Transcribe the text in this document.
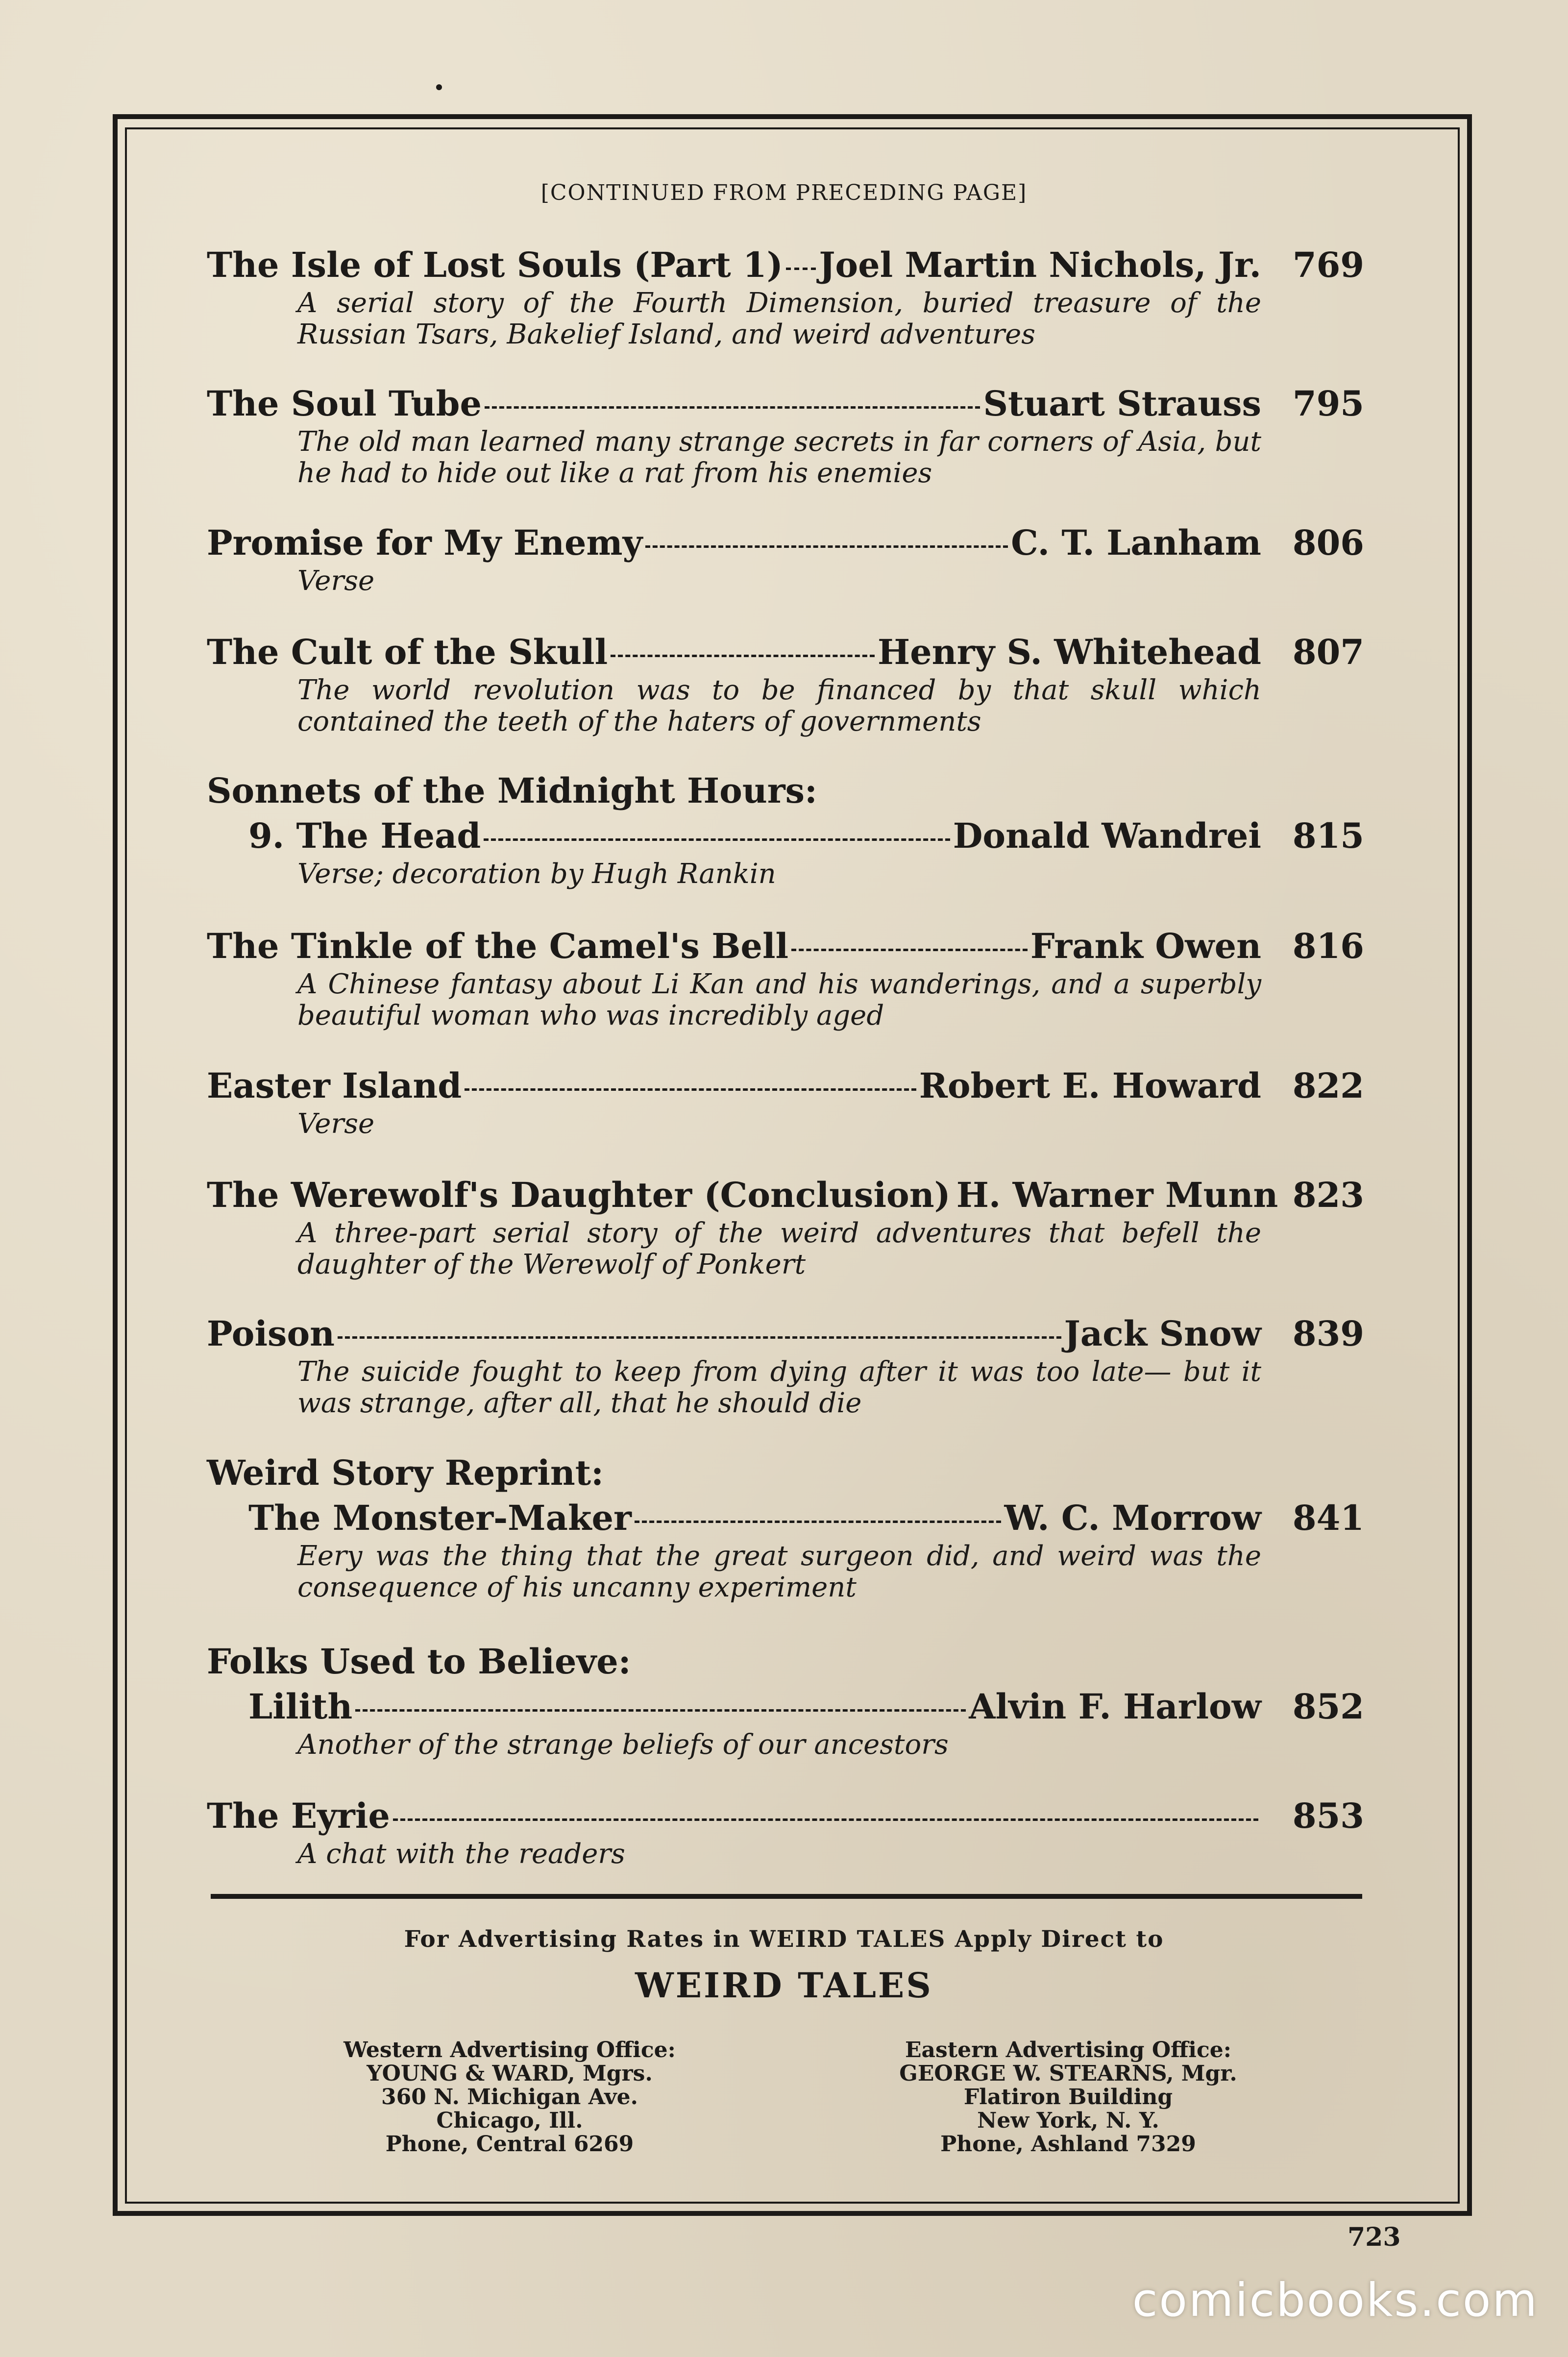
[CONTINUED FROM PRECEDING PAGE]
The Isle of Lost Souls (Part 1) Joel Martin Nichols, Jr. 769
A serial story of the Fourth Dimension, buried treasure of the Russian Tsars, Bakelief Island, and weird adventures
The Soul Tube	Stuart Strauss 795
The old man learned many strange secrets in far corners of Asia, but he had to hide out like a rat from his enemies
Promise for My Enemy	C. T. Lanham 806
Verse
The Cult of the Skull	Henry S. Whitehead 807
The world revolution was to be financed by that skull which contained the teeth of the haters of governments
Sonnets of the Midnight Hours:
9. The Head	Donald Wandrei 815
Verse; decoration by Hugh Rankin
The Tinkle of the Camel's Bell	Frank Owen 816
A Chinese fantasy about Li Kan and his wanderings, and a superbly beautiful woman who was incredibly aged
Easter Island	Robert E. Howard 822
Verse
The Werewolf's Daughter (Conclusion) H. Warner Munn 823
A three-part serial story of the weird adventures that befell the daughter of the Werewolf of Ponkert
Poison	Jack Snow 839
The suicide fought to keep from dying after it was too late— but it was strange, after all, that he should die
Weird Story Reprint:
The Monster-Maker	W. C. Morrow 841
Eery was the thing that the great surgeon did, and weird was the consequence of his uncanny experiment
Folks Used to Believe:
Lilith	Alvin F. Harlow 852
Another of the strange beliefs of our ancestors
The Eyrie	853
A chat with the readers
For Advertising Rates in WEIRD TALES Apply Direct to
WEIRD TALES
Western Advertising Office:
YOUNG & WARD, Mgrs.
360 N. Michigan Ave.
Chicago, Ill.
Phone, Central 6269
Eastern Advertising Office:
GEORGE W. STEARNS, Mgr.
Flatiron Building
New York, N. Y.
Phone, Ashland 7329
723
comicbooks.com
